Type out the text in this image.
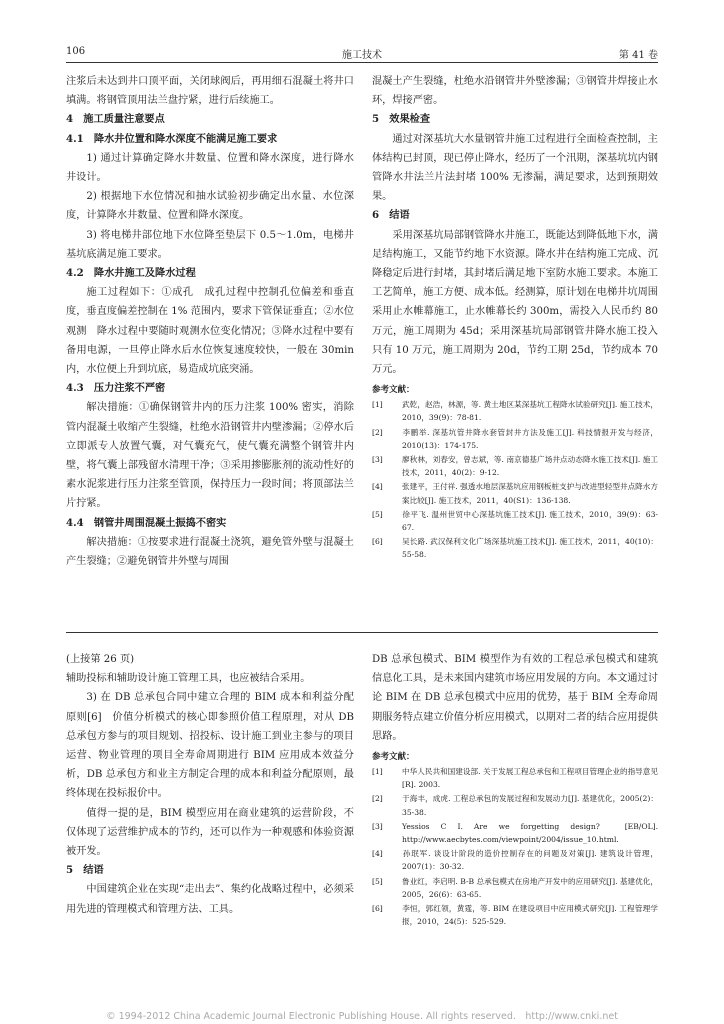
106	施工技术	第 41 卷

注浆后未达到井口顶平面，关闭球阀后，再用细石混凝土将井口填满。将钢管顶用法兰盘拧紧，进行后续施工。

4　施工质量注意要点

4.1　降水井位置和降水深度不能满足施工要求

1) 通过计算确定降水井数量、位置和降水深度，进行降水井设计。

2) 根据地下水位情况和抽水试验初步确定出水量、水位深度，计算降水井数量、位置和降水深度。

3) 将电梯井部位地下水位降至垫层下 0.5～1.0m，电梯井基坑底满足施工要求。

4.2　降水井施工及降水过程

施工过程如下：①成孔　成孔过程中控制孔位偏差和垂直度，垂直度偏差控制在 1% 范围内，要求下管保证垂直；②水位观测　降水过程中要随时观测水位变化情况；③降水过程中要有备用电源，一旦停止降水后水位恢复速度较快，一般在 30min 内，水位便上升到坑底，易造成坑底突涌。

4.3　压力注浆不严密

解决措施：①确保钢管井内的压力注浆 100% 密实，消除管内混凝土收缩产生裂缝，杜绝水沿钢管井内壁渗漏；②停水后立即派专人放置气囊，对气囊充气，使气囊充满整个钢管井内壁，将气囊上部残留水清理干净；③采用掺膨胀剂的流动性好的素水泥浆进行压力注浆至管顶，保持压力一段时间；将顶部法兰片拧紧。

4.4　钢管井周围混凝土振捣不密实

解决措施：①按要求进行混凝土浇筑，避免管外壁与混凝土产生裂缝；②避免钢管井外壁与周围

混凝土产生裂缝，杜绝水沿钢管井外壁渗漏；③钢管井焊接止水环，焊接严密。

5　效果检查

通过对深基坑大水量钢管井施工过程进行全面检查控制，主体结构已封顶，现已停止降水，经历了一个汛期，深基坑坑内钢管降水井法兰片法封堵 100% 无渗漏，满足要求，达到预期效果。

6　结语

采用深基坑局部钢管降水井施工，既能达到降低地下水，满足结构施工，又能节约地下水资源。降水井在结构施工完成、沉降稳定后进行封堵，其封堵后满足地下室防水施工要求。本施工工艺简单，施工方便、成本低。经测算，原计划在电梯井坑周围采用止水帷幕施工，止水帷幕长约 300m，需投入人民币约 80 万元，施工周期为 45d；采用深基坑局部钢管井降水施工投入只有 10 万元，施工周期为 20d，节约工期 25d，节约成本 70 万元。

参考文献：

[1]	武乾，赵浩，林源，等. 黄土地区某深基坑工程降水试验研究[J]. 施工技术，2010，39(9)：78-81.

[2]	李鹏举. 深基坑管井降水套管封井方法及施工[J]. 科技情报开发与经济，2010(13)：174-175.

[3]	廖秋林，刘春安，曾志斌，等. 南京德基广场井点动态降水施工技术[J]. 施工技术，2011，40(2)：9-12.

[4]	张建平，王付祥. 强透水地层深基坑应用钢板桩支护与改进型轻型井点降水方案比较[J]. 施工技术，2011，40(S1)：136-138.

[5]	徐平飞. 温州世贸中心深基坑施工技术[J]. 施工技术，2010，39(9)：63-67.

[6]	吴长路. 武汉保利文化广场深基坑施工技术[J]. 施工技术，2011，40(10)：55-58.

(上接第 26 页)

辅助投标和辅助设计施工管理工具，也应被结合采用。

3) 在 DB 总承包合同中建立合理的 BIM 成本和利益分配原则[6]　价值分析模式的核心即参照价值工程原理，对从 DB 总承包方参与的项目规划、招投标、设计施工到业主参与的项目运营、物业管理的项目全寿命周期进行 BIM 应用成本效益分析，DB 总承包方和业主方制定合理的成本和利益分配原则，最终体现在投标报价中。

值得一提的是，BIM 模型应用在商业建筑的运营阶段，不仅体现了运营维护成本的节约，还可以作为一种观感和体验资源被开发。

5　结语

中国建筑企业在实现“走出去”、集约化战略过程中，必须采用先进的管理模式和管理方法、工具。

DB 总承包模式、BIM 模型作为有效的工程总承包模式和建筑信息化工具，是未来国内建筑市场应用发展的方向。本文通过讨论 BIM 在 DB 总承包模式中应用的优势，基于 BIM 全寿命周期服务特点建立价值分析应用模式，以期对二者的结合应用提供思路。

参考文献：

[1]	中华人民共和国建设部. 关于发展工程总承包和工程项目管理企业的指导意见[R]. 2003.

[2]	于海丰，成虎. 工程总承包的发展过程和发展动力[J]. 基建优化，2005(2)：35-38.

[3]	Yessios C I. Are we forgetting design?　[EB/OL]. http://www.aecbytes.com/viewpoint/2004/issue_10.html.

[4]	孙珉军. 谈设计阶段的造价控制存在的问题及对策[J]. 建筑设计管理，2007(1)：30-32.

[5]	鲁业红，李启明. B-B 总承包模式在房地产开发中的应用研究[J]. 基建优化，2005，26(6)：63-65.

[6]	李恒，郭红领，黄霆，等. BIM 在建设项目中应用模式研究[J]. 工程管理学报，2010，24(5)：525-529.

© 1994-2012 China Academic Journal Electronic Publishing House. All rights reserved.　http://www.cnki.net
